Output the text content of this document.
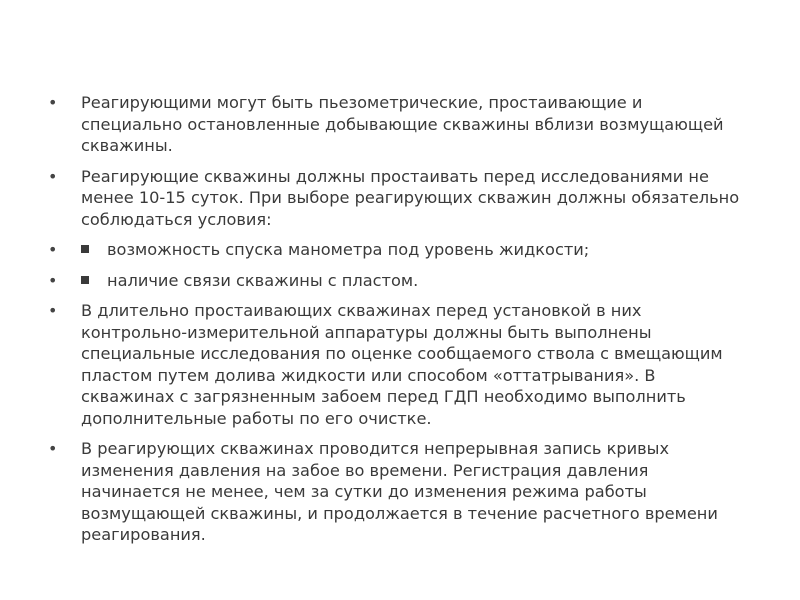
• Реагирующими могут быть пьезометрические, простаивающие и специально остановленные добывающие скважины вблизи возмущающей скважины.
• Реагирующие скважины должны простаивать перед исследованиями не менее 10-15 суток. При выборе реагирующих скважин должны обязательно соблюдаться условия:
•	возможность спуска манометра под уровень жидкости;
•	наличие связи скважины с пластом.
• В длительно простаивающих скважинах перед установкой в них контрольно-измерительной аппаратуры должны быть выполнены специальные исследования по оценке сообщаемого ствола с вмещающим пластом путем долива жидкости или способом «оттатрывания». В скважинах с загрязненным забоем перед ГДП необходимо выполнить дополнительные работы по его очистке.
• В реагирующих скважинах проводится непрерывная запись кривых изменения давления на забое во времени. Регистрация давления начинается не менее, чем за сутки до изменения режима работы возмущающей скважины, и продолжается в течение расчетного времени реагирования.
